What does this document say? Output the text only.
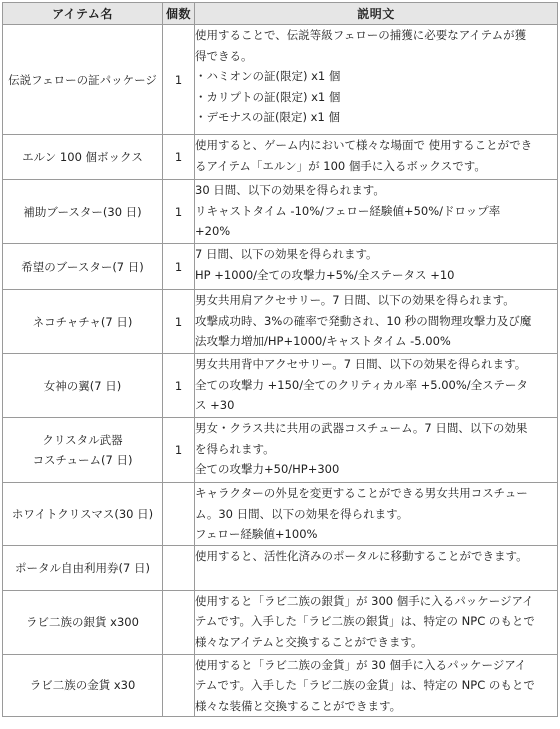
アイテム名	個数	説明文

伝説フェローの証パッケージ	1	使用することで、伝説等級フェローの捕獲に必要なアイテムが獲
得できる。
・ハミオンの証(限定) x1 個
・カリプトの証(限定) x1 個
・デモナスの証(限定) x1 個

エルン 100 個ボックス	1	使用すると、ゲーム内において様々な場面で 使用することができ
るアイテム「エルン」が 100 個手に入るボックスです。

補助ブースター(30 日)	1	30 日間、以下の効果を得られます。
リキャストタイム -10%/フェロー経験値+50%/ドロップ率
+20%

希望のブースター(7 日)	1	7 日間、以下の効果を得られます。
HP +1000/全ての攻撃力+5%/全ステータス +10

ネコチャチャ(7 日)	1	男女共用肩アクセサリー。7 日間、以下の効果を得られます。
攻撃成功時、3%の確率で発動され、10 秒の間物理攻撃力及び魔
法攻撃力増加/HP+1000/キャストタイム -5.00%

女神の翼(7 日)	1	男女共用背中アクセサリー。7 日間、以下の効果を得られます。
全ての攻撃力 +150/全てのクリティカル率 +5.00%/全ステータ
ス +30

クリスタル武器
コスチューム(7 日)	1	男女・クラス共に共用の武器コスチューム。7 日間、以下の効果
を得られます。
全ての攻撃力+50/HP+300

ホワイトクリスマス(30 日)		キャラクターの外見を変更することができる男女共用コスチュー
ム。30 日間、以下の効果を得られます。
フェロー経験値+100%

ポータル自由利用券(7 日)		使用すると、活性化済みのポータルに移動することができます。

ラビ二族の銀貨 x300		使用すると「ラビ二族の銀貨」が 300 個手に入るパッケージアイ
テムです。入手した「ラビ二族の銀貨」は、特定の NPC のもとで
様々なアイテムと交換することができます。

ラビ二族の金貨 x30		使用すると「ラビ二族の金貨」が 30 個手に入るパッケージアイ
テムです。入手した「ラビ二族の金貨」は、特定の NPC のもとで
様々な装備と交換することができます。
